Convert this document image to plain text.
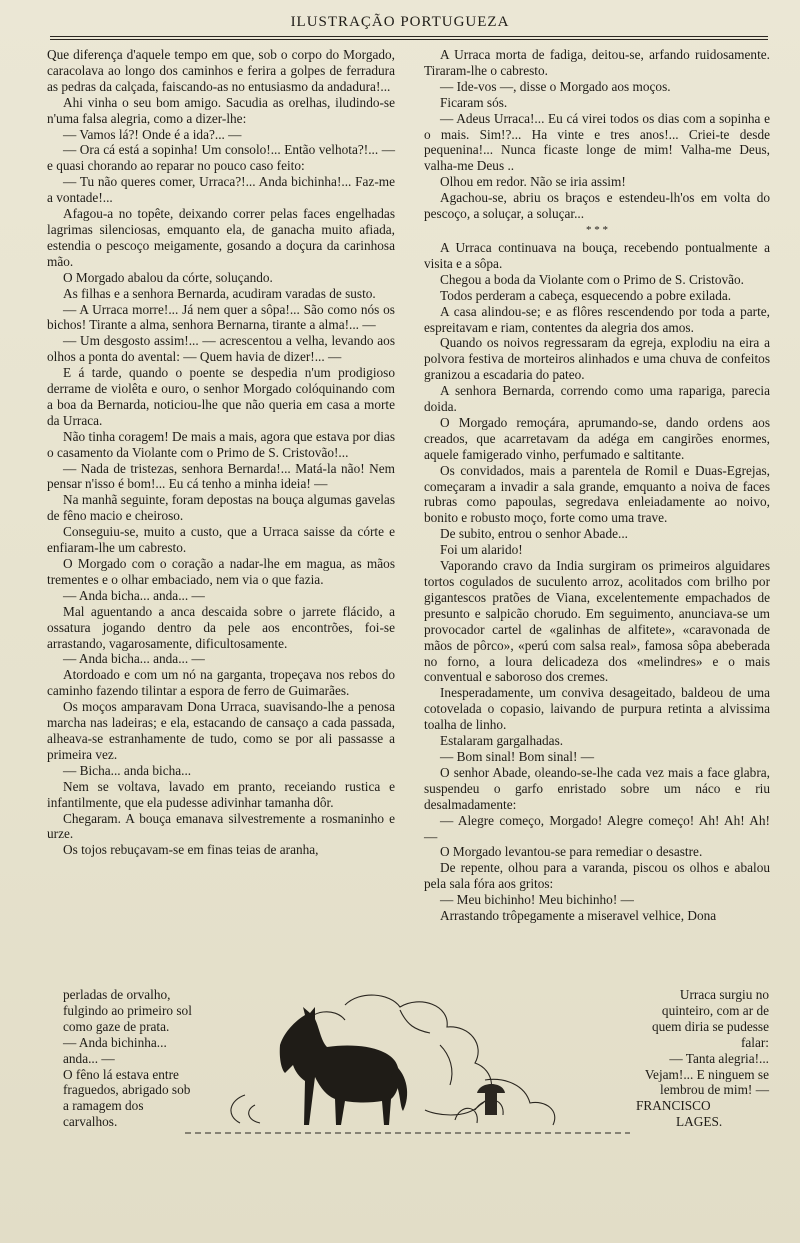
ILUSTRAÇÃO PORTUGUEZA

Que diferença d'aquele tempo em que, sob o corpo do Morgado, caracolava ao longo dos caminhos e ferira a golpes de ferradura as pedras da calçada, faiscando-as no entusiasmo da andadura!...

Ahi vinha o seu bom amigo. Sacudia as orelhas, iludindo-se n'uma falsa alegria, como a dizer-lhe:

— Vamos lá?! Onde é a ida?... —

— Ora cá está a sopinha! Um consolo!... Então velhota?!... — e quasi chorando ao reparar no pouco caso feito:

— Tu não queres comer, Urraca?!... Anda bichinha!... Faz-me a vontade!...

Afagou-a no topête, deixando correr pelas faces engelhadas lagrimas silenciosas, emquanto ela, de ganacha muito afiada, estendia o pescoço meigamente, gosando a doçura da carinhosa mão.

O Morgado abalou da córte, soluçando.

As filhas e a senhora Bernarda, acudiram varadas de susto.

— A Urraca morre!... Já nem quer a sôpa!... São como nós os bichos! Tirante a alma, senhora Bernarna, tirante a alma!... —

— Um desgosto assim!... — acrescentou a velha, levando aos olhos a ponta do avental: — Quem havia de dizer!... —

E á tarde, quando o poente se despedia n'um prodigioso derrame de violêta e ouro, o senhor Morgado colóquinando com a boa da Bernarda, noticiou-lhe que não queria em casa a morte da Urraca.

Não tinha coragem! De mais a mais, agora que estava por dias o casamento da Violante com o Primo de S. Cristovão!...

— Nada de tristezas, senhora Bernarda!... Matá-la não! Nem pensar n'isso é bom!... Eu cá tenho a minha ideia! —

Na manhã seguinte, foram depostas na bouça algumas gavelas de fêno macio e cheiroso.

Conseguiu-se, muito a custo, que a Urraca saisse da córte e enfiaram-lhe um cabresto.

O Morgado com o coração a nadar-lhe em magua, as mãos trementes e o olhar embaciado, nem via o que fazia.

— Anda bicha... anda... —

Mal aguentando a anca descaida sobre o jarrete flácido, a ossatura jogando dentro da pele aos encontrões, foi-se arrastando, vagarosamente, dificultosamente.

— Anda bicha... anda... —

Atordoado e com um nó na garganta, tropeçava nos rebos do caminho fazendo tilintar a espora de ferro de Guimarães.

Os moços amparavam Dona Urraca, suavisando-lhe a penosa marcha nas ladeiras; e ela, estacando de cansaço a cada passada, alheava-se estranhamente de tudo, como se por ali passasse a primeira vez.

— Bicha... anda bicha...

Nem se voltava, lavado em pranto, receiando rustica e infantilmente, que ela pudesse adivinhar tamanha dôr.

Chegaram. A bouça emanava silvestremente a rosmaninho e urze.

Os tojos rebuçavam-se em finas teias de aranha,

A Urraca morta de fadiga, deitou-se, arfando ruidosamente. Tiraram-lhe o cabresto.

— Ide-vos —, disse o Morgado aos moços.

Ficaram sós.

— Adeus Urraca!... Eu cá virei todos os dias com a sopinha e o mais. Sim!?... Ha vinte e tres anos!... Criei-te desde pequenina!... Nunca ficaste longe de mim! Valha-me Deus, valha-me Deus ..

Olhou em redor. Não se iria assim!

Agachou-se, abriu os braços e estendeu-lh'os em volta do pescoço, a soluçar, a soluçar...

* * *

A Urraca continuava na bouça, recebendo pontualmente a visita e a sôpa.

Chegou a boda da Violante com o Primo de S. Cristovão.

Todos perderam a cabeça, esquecendo a pobre exilada.

A casa alindou-se; e as flôres rescendendo por toda a parte, espreitavam e riam, contentes da alegria dos amos.

Quando os noivos regressaram da egreja, explodiu na eira a polvora festiva de morteiros alinhados e uma chuva de confeitos granizou a escadaria do pateo.

A senhora Bernarda, correndo como uma rapariga, parecia doida.

O Morgado remoçára, aprumando-se, dando ordens aos creados, que acarretavam da adéga em cangirões enormes, aquele famigerado vinho, perfumado e saltitante.

Os convidados, mais a parentela de Romil e Duas-Egrejas, começaram a invadir a sala grande, emquanto a noiva de faces rubras como papoulas, segredava enleiadamente ao noivo, bonito e robusto moço, forte como uma trave.

De subito, entrou o senhor Abade...

Foi um alarido!

Vaporando cravo da India surgiram os primeiros alguidares tortos cogulados de suculento arroz, acolitados com brilho por gigantescos pratões de Viana, excelentemente empachados de presunto e salpicão chorudo. Em seguimento, anunciava-se um provocador cartel de «galinhas de alfitete», «caravonada de mãos de pôrco», «perú com salsa real», famosa sôpa abeberada no forno, a loura delicadeza dos «melindres» e o mais conventual e saboroso dos cremes.

Inesperadamente, um conviva desageitado, baldeou de uma cotovelada o copasio, laivando de purpura retinta a alvissima toalha de linho.

Estalaram gargalhadas.

— Bom sinal! Bom sinal! —

O senhor Abade, oleando-se-lhe cada vez mais a face glabra, suspendeu o garfo enristado sobre um náco e riu desalmadamente:

— Alegre começo, Morgado! Alegre começo! Ah! Ah! Ah! —

O Morgado levantou-se para remediar o desastre.

De repente, olhou para a varanda, piscou os olhos e abalou pela sala fóra aos gritos:

— Meu bichinho! Meu bichinho! —

Arrastando trôpegamente a miseravel velhice, Dona

perladas de orvalho, fulgindo ao primeiro sol como gaze de prata.

— Anda bichinha... anda... —

O fêno lá estava entre fraguedos, abrigado sob a ramagem dos carvalhos.

Urraca surgiu no quinteiro, com ar de quem diria se pudesse falar:

— Tanta alegria!... Vejam!... E ninguem se lembrou de mim! —

FRANCISCO
LAGES.
